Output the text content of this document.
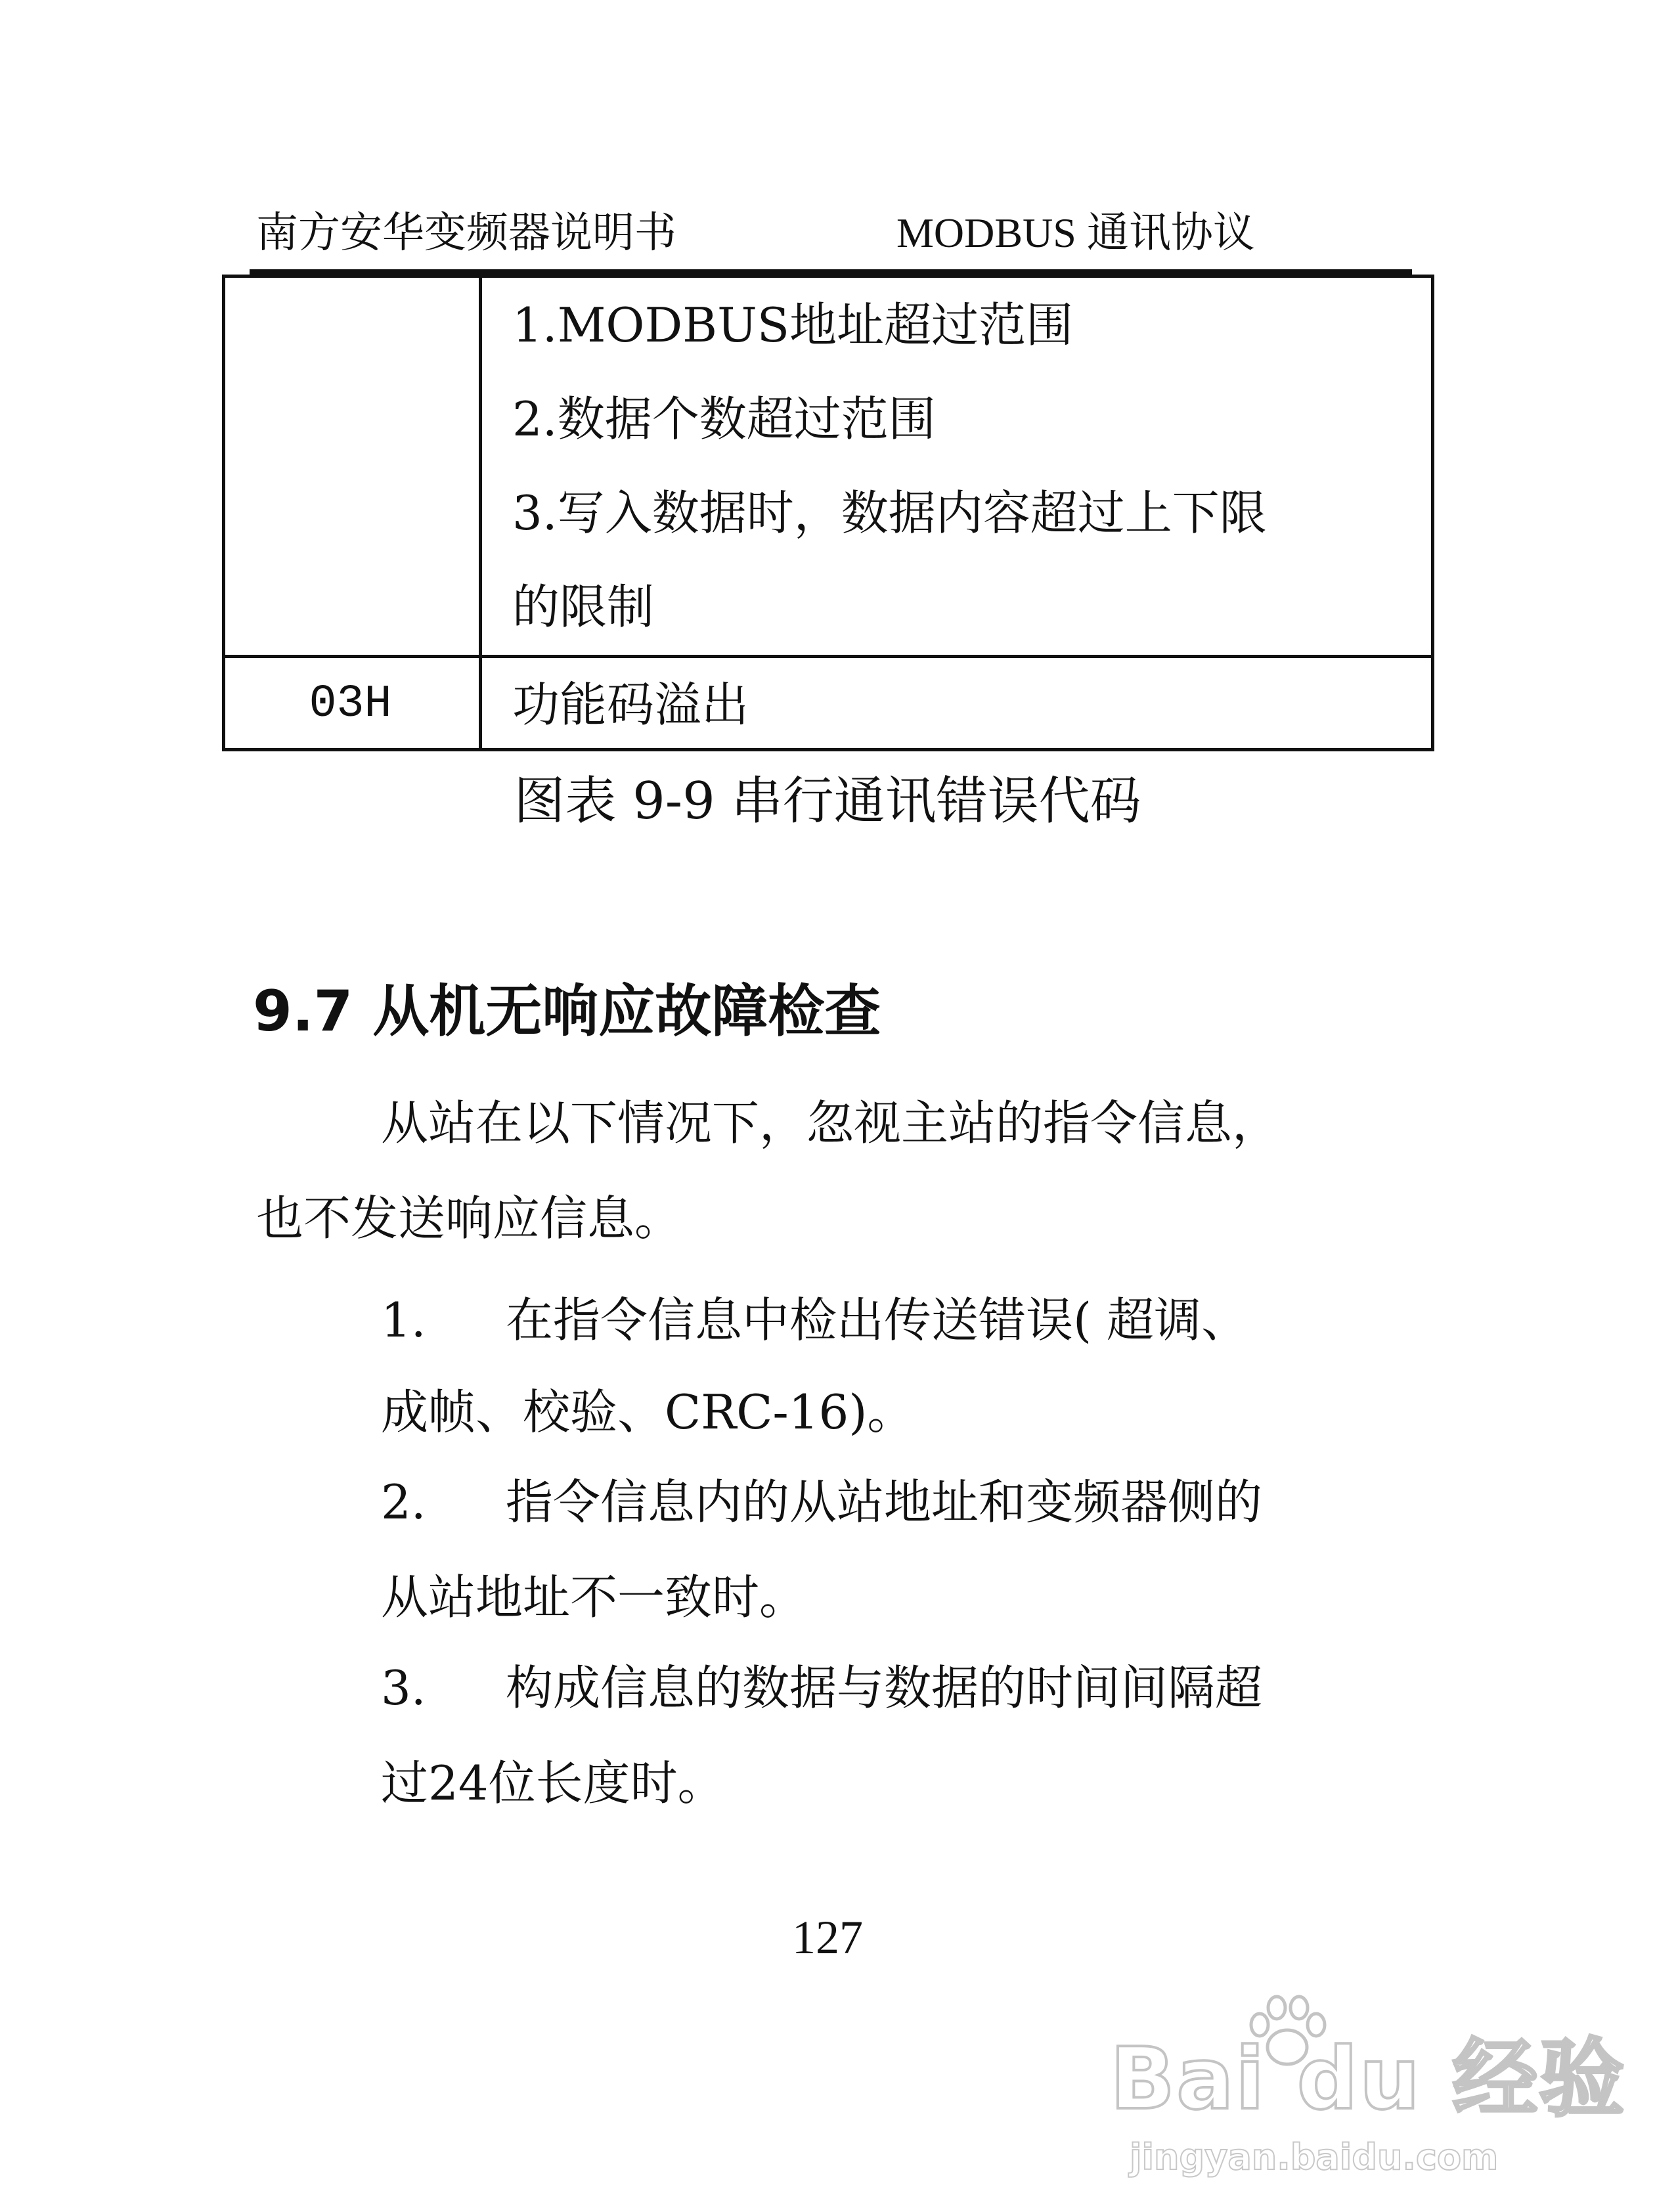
南方安华变频器说明书	MODBUS 通讯协议
1.MODBUS地址超过范围
2.数据个数超过范围
3.写入数据时，数据内容超过上下限
的限制
03H	功能码溢出
图表 9-9 串行通讯错误代码
9.7 从机无响应故障检查
从站在以下情况下，忽视主站的指令信息，
也不发送响应信息。
1. 在指令信息中检出传送错误( 超调、
成帧、校验、CRC-16)。
2. 指令信息内的从站地址和变频器侧的
从站地址不一致时。
3. 构成信息的数据与数据的时间间隔超
过24位长度时。
127
Bai du 经验
jingyan.baidu.com
